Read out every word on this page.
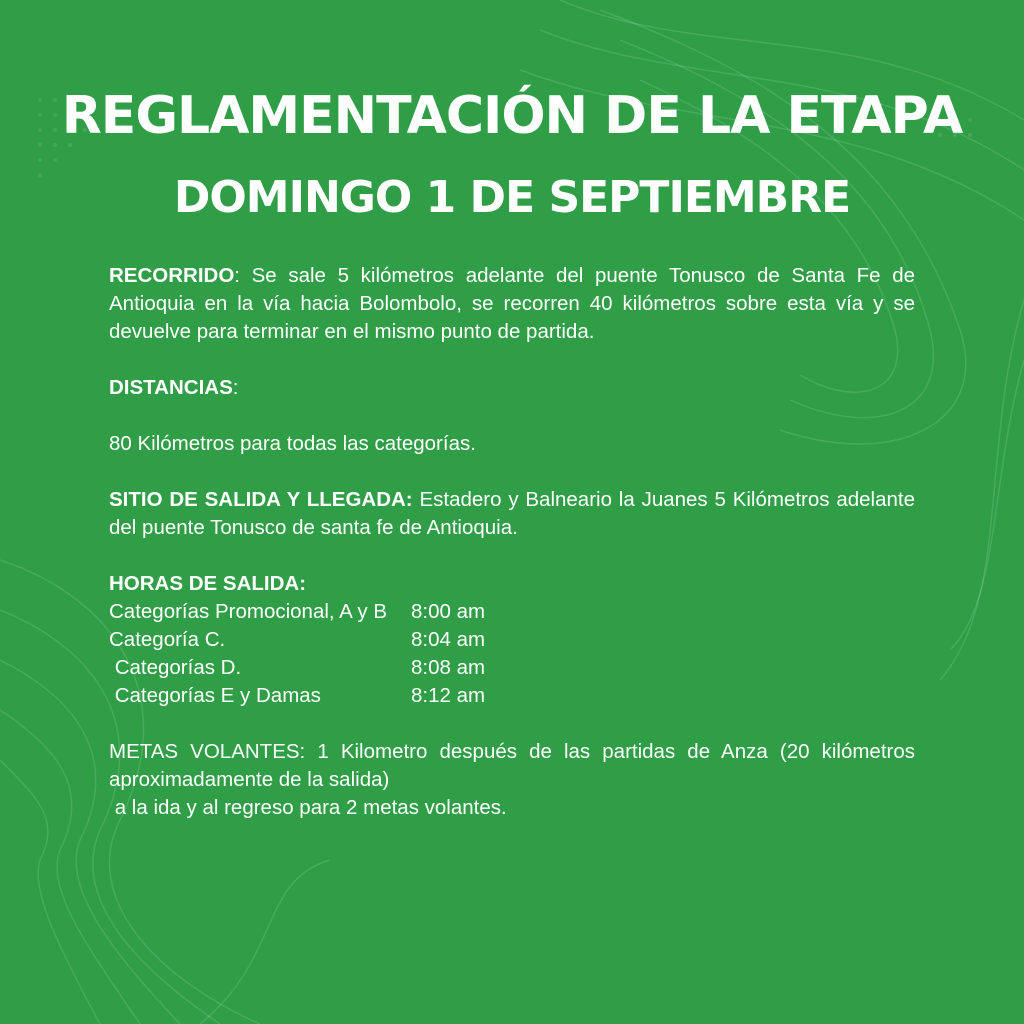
REGLAMENTACIÓN DE LA ETAPA
DOMINGO 1 DE SEPTIEMBRE

RECORRIDO: Se sale 5 kilómetros adelante del puente Tonusco de Santa Fe de Antioquia en la vía hacia Bolombolo, se recorren 40 kilómetros sobre esta vía y se devuelve para terminar en el mismo punto de partida.

DISTANCIAS:

80 Kilómetros para todas las categorías.

SITIO DE SALIDA Y LLEGADA: Estadero y Balneario la Juanes 5 Kilómetros adelante del puente Tonusco de santa fe de Antioquia.

HORAS DE SALIDA:

Categorías Promocional, A y B	8:00 am
Categoría C.	8:04 am
Categorías D.	8:08 am
Categorías E y Damas	8:12 am

METAS VOLANTES: 1 Kilometro después de las partidas de Anza (20 kilómetros aproximadamente de la salida)

a la ida y al regreso para 2 metas volantes.
